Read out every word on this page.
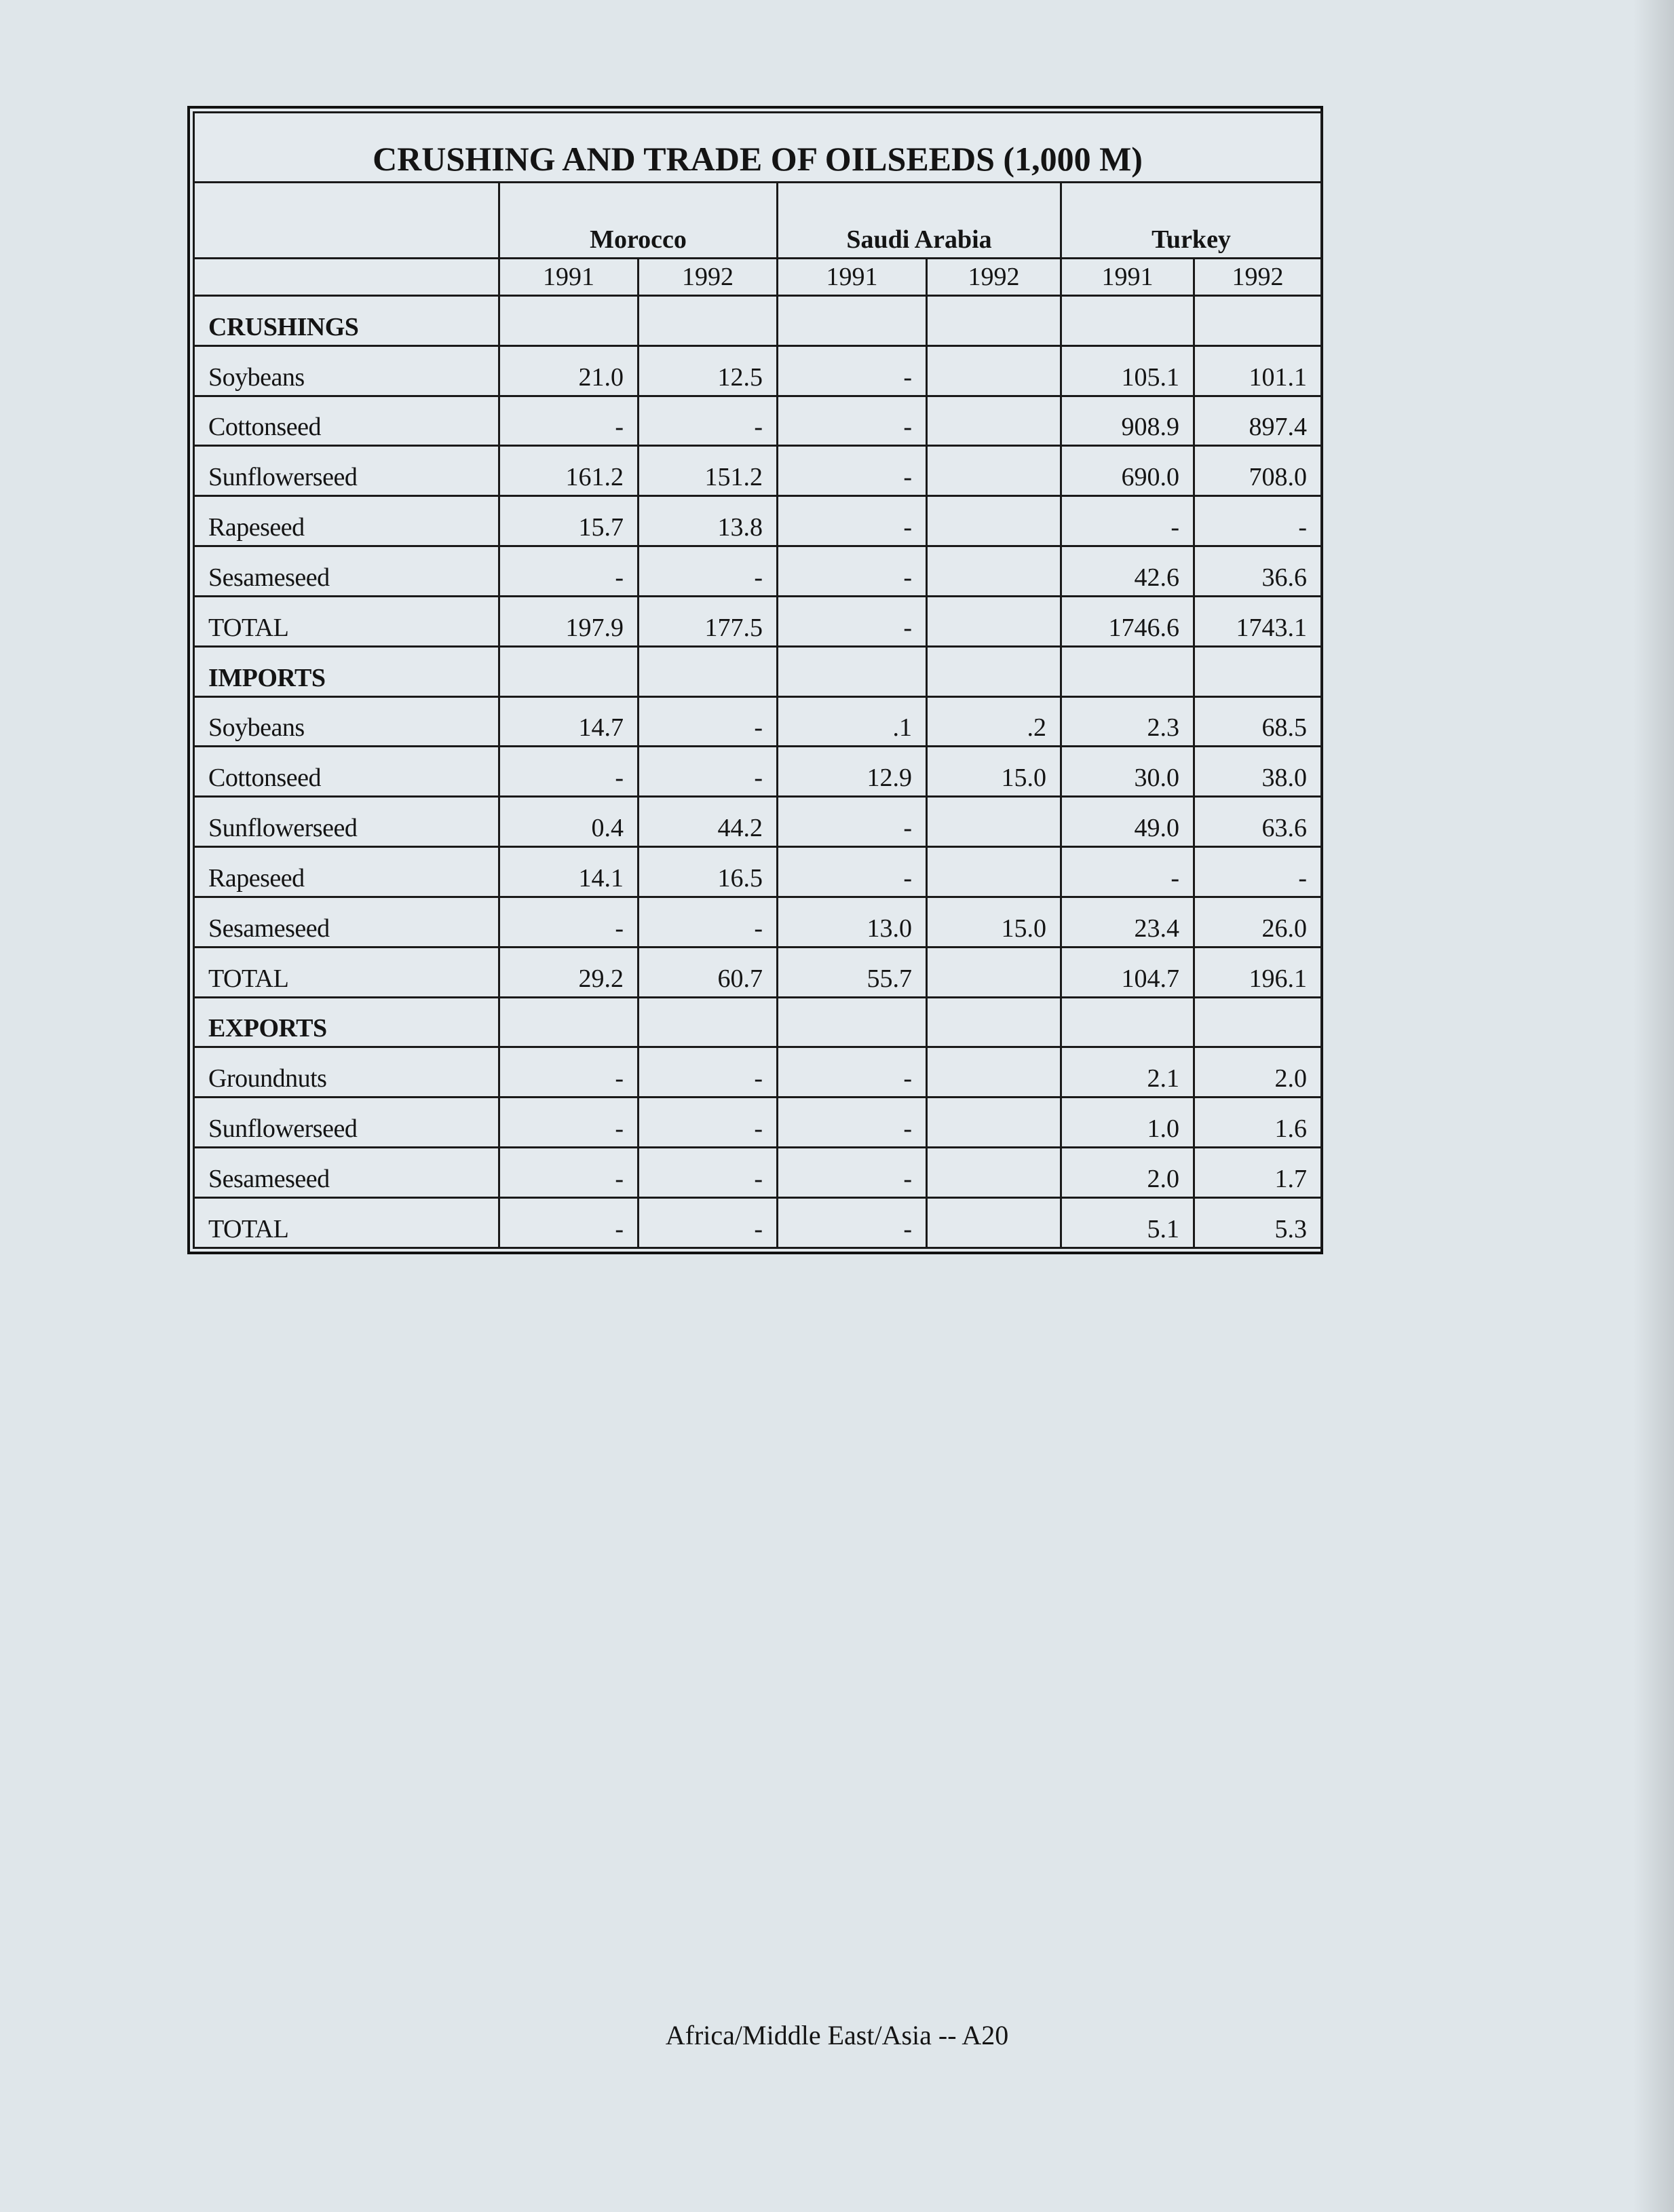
CRUSHING AND TRADE OF OILSEEDS (1,000 M)						
	Morocco		Saudi Arabia		Turkey	
	1991	1992	1991	1992	1991	1992
CRUSHINGS						
Soybeans	21.0	12.5	-		105.1	101.1
Cottonseed	-	-	-		908.9	897.4
Sunflowerseed	161.2	151.2	-		690.0	708.0
Rapeseed	15.7	13.8	-		-	-
Sesameseed	-	-	-		42.6	36.6
TOTAL	197.9	177.5	-		1746.6	1743.1
IMPORTS						
Soybeans	14.7	-	.1	.2	2.3	68.5
Cottonseed	-	-	12.9	15.0	30.0	38.0
Sunflowerseed	0.4	44.2	-		49.0	63.6
Rapeseed	14.1	16.5	-		-	-
Sesameseed	-	-	13.0	15.0	23.4	26.0
TOTAL	29.2	60.7	55.7		104.7	196.1
EXPORTS						
Groundnuts	-	-	-		2.1	2.0
Sunflowerseed	-	-	-		1.0	1.6
Sesameseed	-	-	-		2.0	1.7
TOTAL	-	-	-		5.1	5.3
Africa/Middle East/Asia -- A20
